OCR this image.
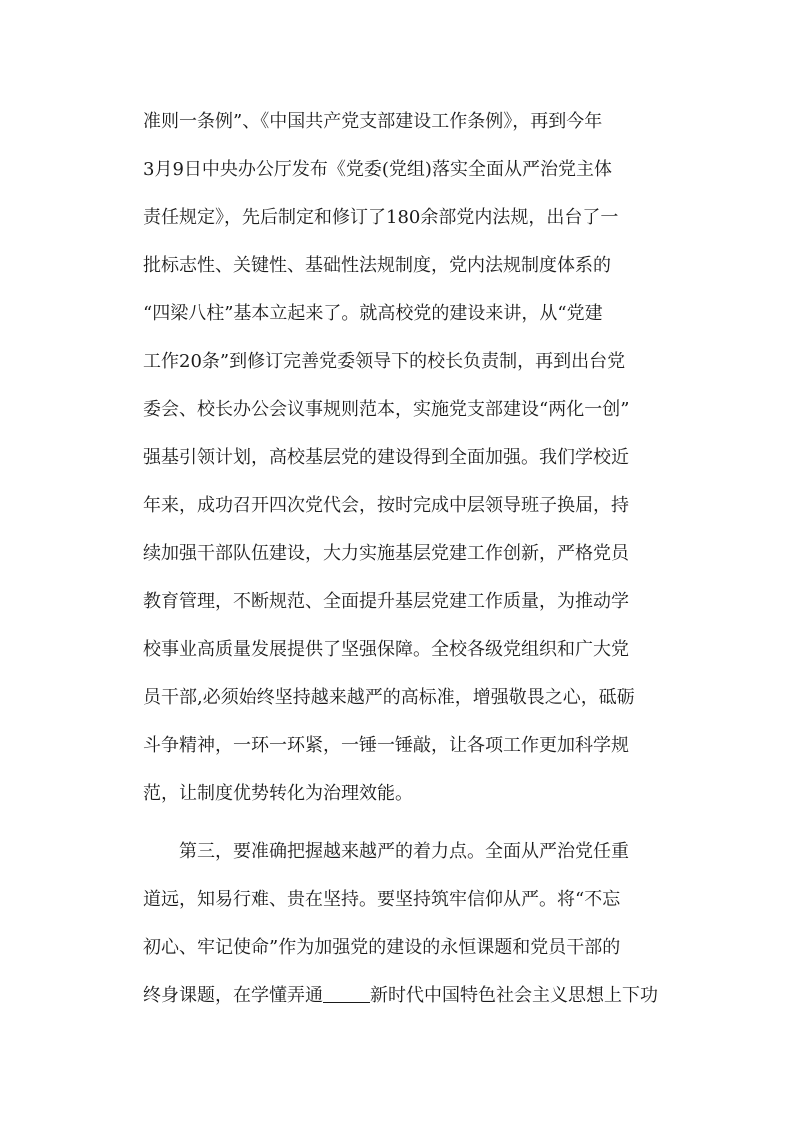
准则一条例”、《中国共产党支部建设工作条例》，再到今年

3月9日中央办公厅发布《党委(党组)落实全面从严治党主体

责任规定》，先后制定和修订了180余部党内法规，出台了一

批标志性、关键性、基础性法规制度，党内法规制度体系的

“四梁八柱”基本立起来了。就高校党的建设来讲，从“党建

工作20条”到修订完善党委领导下的校长负责制，再到出台党

委会、校长办公会议事规则范本，实施党支部建设“两化一创”

强基引领计划，高校基层党的建设得到全面加强。我们学校近

年来，成功召开四次党代会，按时完成中层领导班子换届，持

续加强干部队伍建设，大力实施基层党建工作创新，严格党员

教育管理，不断规范、全面提升基层党建工作质量，为推动学

校事业高质量发展提供了坚强保障。全校各级党组织和广大党

员干部,必须始终坚持越来越严的高标准，增强敬畏之心，砥砺

斗争精神，一环一环紧，一锤一锤敲，让各项工作更加科学规

范，让制度优势转化为治理效能。

第三，要准确把握越来越严的着力点。全面从严治党任重

道远，知易行难、贵在坚持。要坚持筑牢信仰从严。将“不忘

初心、牢记使命”作为加强党的建设的永恒课题和党员干部的

终身课题，在学懂弄通	新时代中国特色社会主义思想上下功
